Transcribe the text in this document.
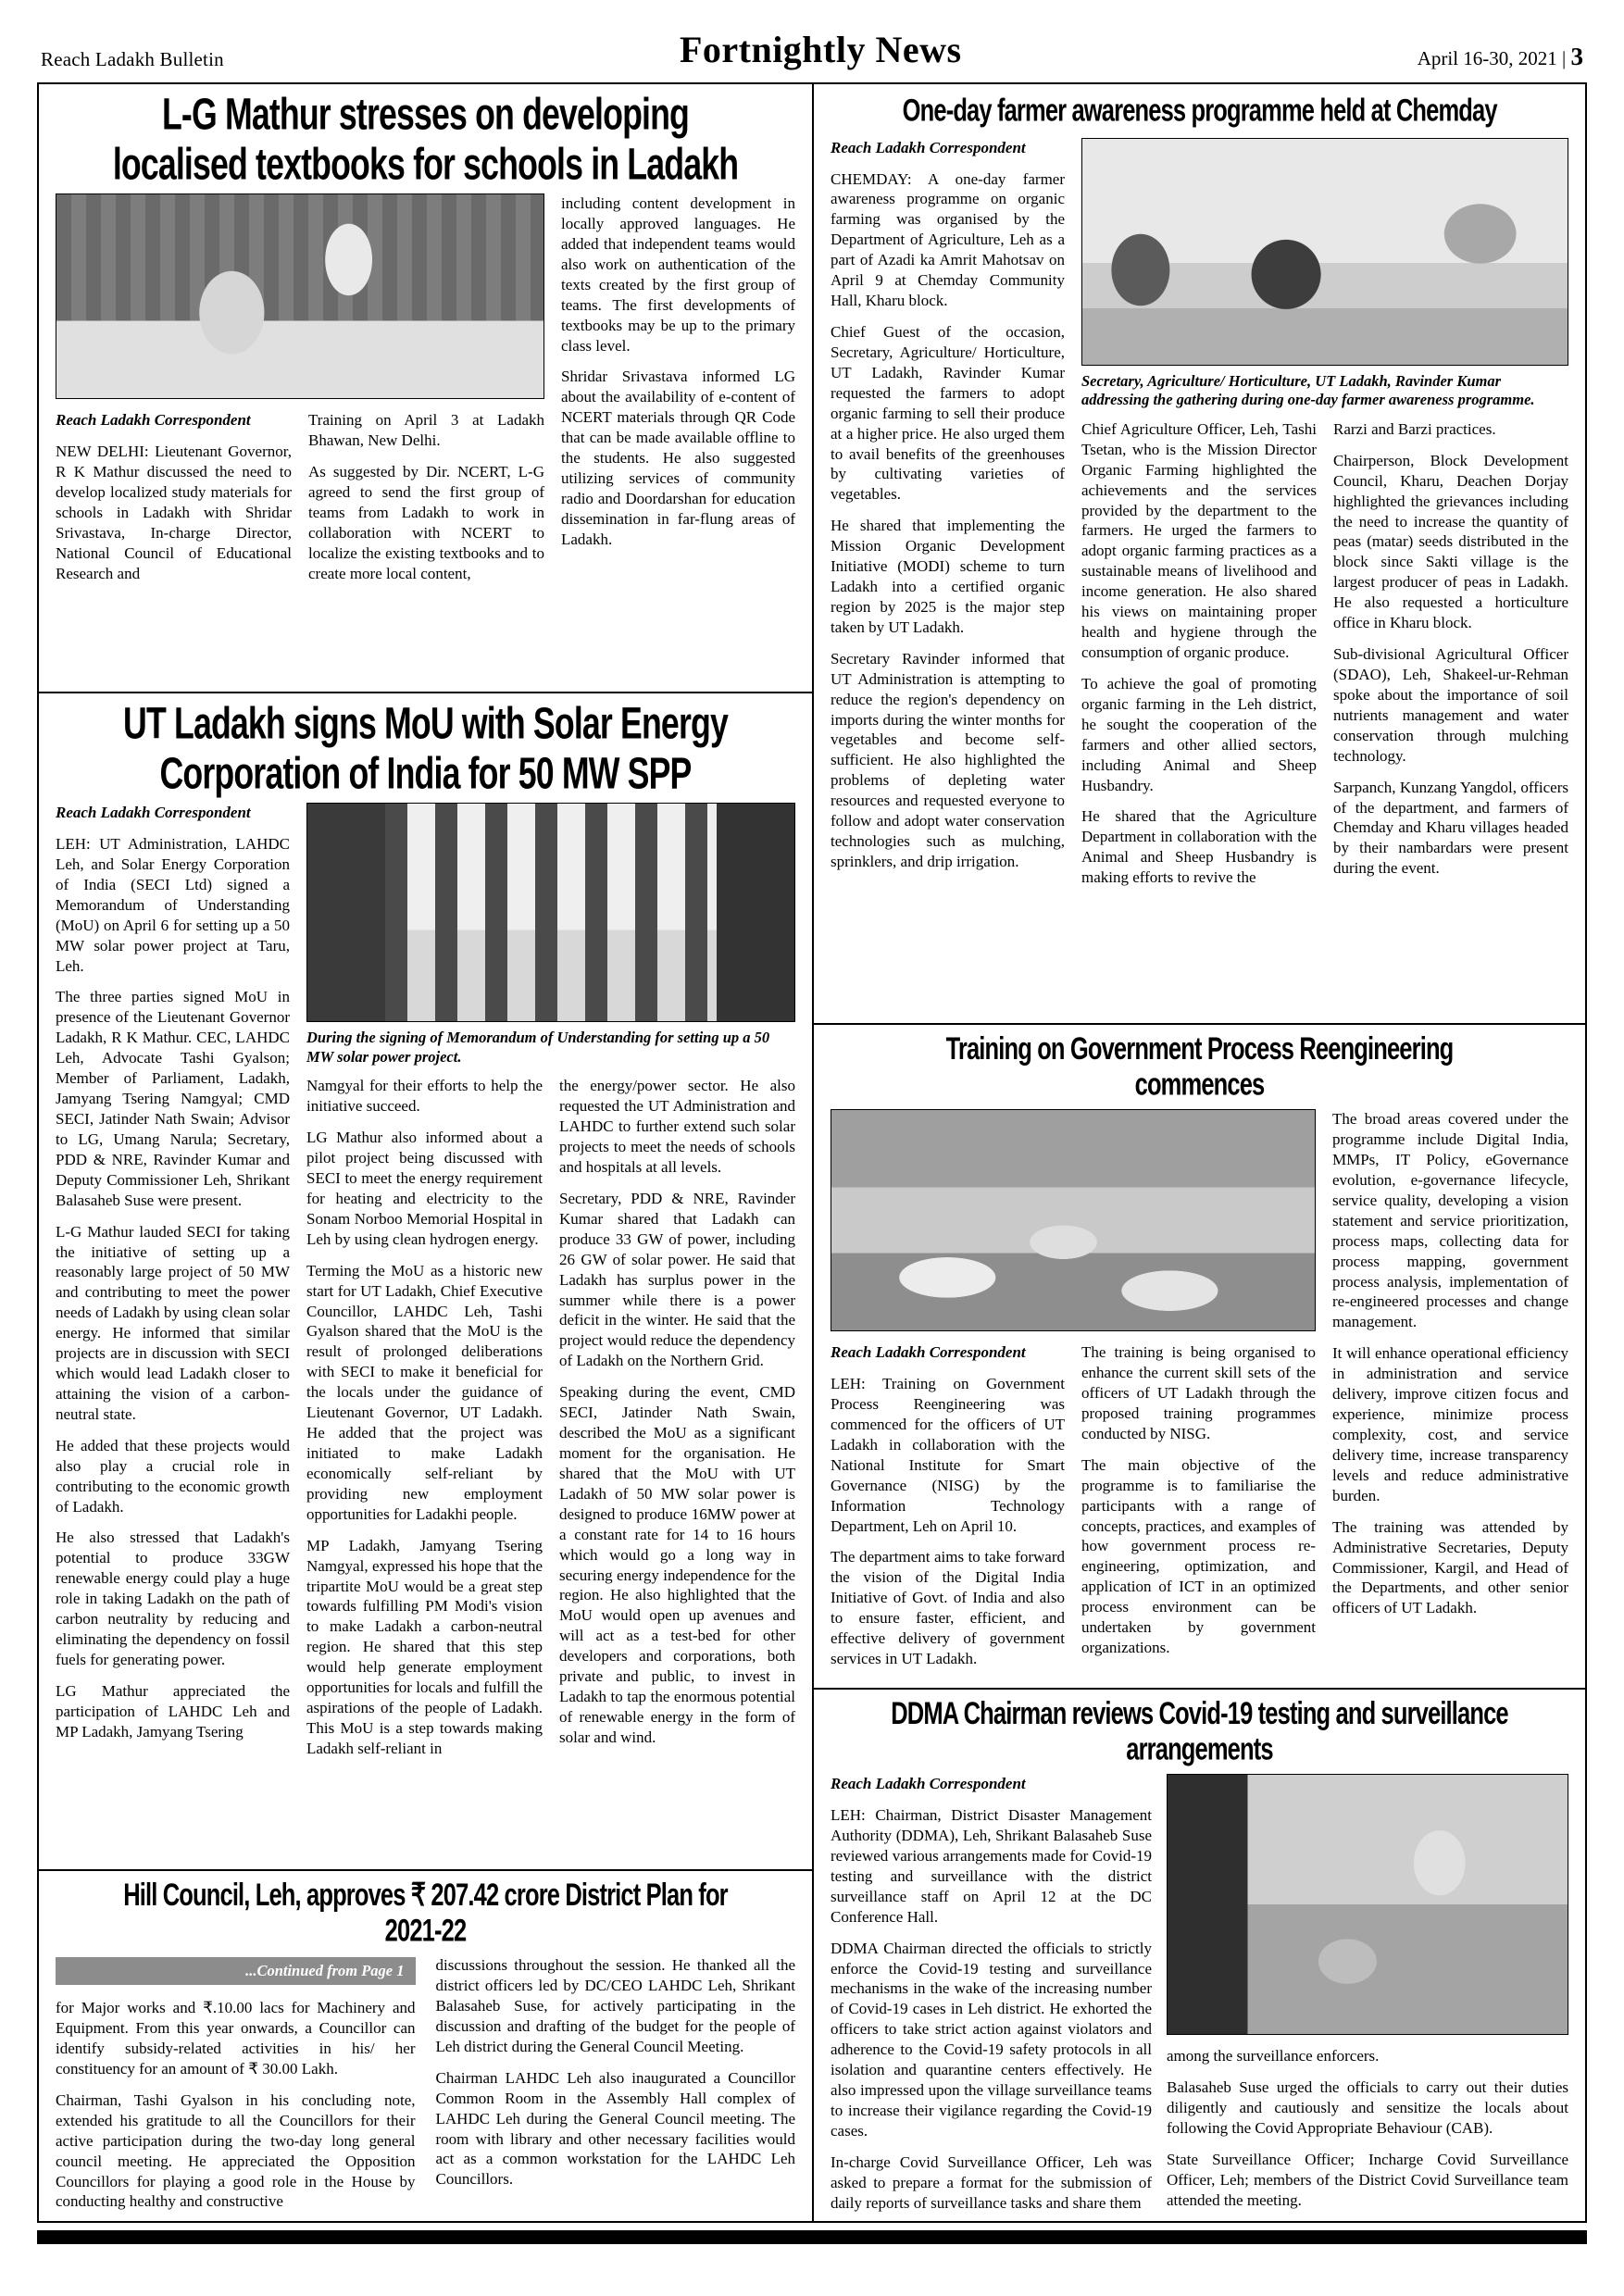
Reach Ladakh Bulletin	Fortnightly News	April 16-30, 2021 | 3
L-G Mathur stresses on developing localised textbooks for schools in Ladakh

Reach Ladakh Correspondent

NEW DELHI: Lieutenant Governor, R K Mathur discussed the need to develop localized study materials for schools in Ladakh with Shridar Srivastava, In-charge Director, National Council of Educational Research and

Training on April 3 at Ladakh Bhawan, New Delhi.

As suggested by Dir. NCERT, L-G agreed to send the first group of teams from Ladakh to work in collaboration with NCERT to localize the existing textbooks and to create more local content,

including content development in locally approved languages. He added that independent teams would also work on authentication of the texts created by the first group of teams. The first developments of textbooks may be up to the primary class level.

Shridar Srivastava informed LG about the availability of e-content of NCERT materials through QR Code that can be made available offline to the students. He also suggested utilizing services of community radio and Doordarshan for education dissemination in far-flung areas of Ladakh.

UT Ladakh signs MoU with Solar Energy Corporation of India for 50 MW SPP

Reach Ladakh Correspondent

LEH: UT Administration, LAHDC Leh, and Solar Energy Corporation of India (SECI Ltd) signed a Memorandum of Understanding (MoU) on April 6 for setting up a 50 MW solar power project at Taru, Leh.

The three parties signed MoU in presence of the Lieutenant Governor Ladakh, R K Mathur. CEC, LAHDC Leh, Advocate Tashi Gyalson; Member of Parliament, Ladakh, Jamyang Tsering Namgyal; CMD SECI, Jatinder Nath Swain; Advisor to LG, Umang Narula; Secretary, PDD & NRE, Ravinder Kumar and Deputy Commissioner Leh, Shrikant Balasaheb Suse were present.

L-G Mathur lauded SECI for taking the initiative of setting up a reasonably large project of 50 MW and contributing to meet the power needs of Ladakh by using clean solar energy. He informed that similar projects are in discussion with SECI which would lead Ladakh closer to attaining the vision of a carbon-neutral state.

He added that these projects would also play a crucial role in contributing to the economic growth of Ladakh.

He also stressed that Ladakh's potential to produce 33GW renewable energy could play a huge role in taking Ladakh on the path of carbon neutrality by reducing and eliminating the dependency on fossil fuels for generating power.

LG Mathur appreciated the participation of LAHDC Leh and MP Ladakh, Jamyang Tsering

During the signing of Memorandum of Understanding for setting up a 50 MW solar power project.

Namgyal for their efforts to help the initiative succeed.

LG Mathur also informed about a pilot project being discussed with SECI to meet the energy requirement for heating and electricity to the Sonam Norboo Memorial Hospital in Leh by using clean hydrogen energy.

Terming the MoU as a historic new start for UT Ladakh, Chief Executive Councillor, LAHDC Leh, Tashi Gyalson shared that the MoU is the result of prolonged deliberations with SECI to make it beneficial for the locals under the guidance of Lieutenant Governor, UT Ladakh. He added that the project was initiated to make Ladakh economically self-reliant by providing new employment opportunities for Ladakhi people.

MP Ladakh, Jamyang Tsering Namgyal, expressed his hope that the tripartite MoU would be a great step towards fulfilling PM Modi's vision to make Ladakh a carbon-neutral region. He shared that this step would help generate employment opportunities for locals and fulfill the aspirations of the people of Ladakh. This MoU is a step towards making Ladakh self-reliant in

the energy/power sector. He also requested the UT Administration and LAHDC to further extend such solar projects to meet the needs of schools and hospitals at all levels.

Secretary, PDD & NRE, Ravinder Kumar shared that Ladakh can produce 33 GW of power, including 26 GW of solar power. He said that Ladakh has surplus power in the summer while there is a power deficit in the winter. He said that the project would reduce the dependency of Ladakh on the Northern Grid.

Speaking during the event, CMD SECI, Jatinder Nath Swain, described the MoU as a significant moment for the organisation. He shared that the MoU with UT Ladakh of 50 MW solar power is designed to produce 16MW power at a constant rate for 14 to 16 hours which would go a long way in securing energy independence for the region. He also highlighted that the MoU would open up avenues and will act as a test-bed for other developers and corporations, both private and public, to invest in Ladakh to tap the enormous potential of renewable energy in the form of solar and wind.

Hill Council, Leh, approves ₹ 207.42 crore District Plan for 2021-22
...Continued from Page 1

for Major works and ₹.10.00 lacs for Machinery and Equipment. From this year onwards, a Councillor can identify subsidy-related activities in his/ her constituency for an amount of ₹ 30.00 Lakh.

Chairman, Tashi Gyalson in his concluding note, extended his gratitude to all the Councillors for their active participation during the two-day long general council meeting. He appreciated the Opposition Councillors for playing a good role in the House by conducting healthy and constructive

discussions throughout the session. He thanked all the district officers led by DC/CEO LAHDC Leh, Shrikant Balasaheb Suse, for actively participating in the discussion and drafting of the budget for the people of Leh district during the General Council Meeting.

Chairman LAHDC Leh also inaugurated a Councillor Common Room in the Assembly Hall complex of LAHDC Leh during the General Council meeting. The room with library and other necessary facilities would act as a common workstation for the LAHDC Leh Councillors.

One-day farmer awareness programme held at Chemday

Reach Ladakh Correspondent

CHEMDAY: A one-day farmer awareness programme on organic farming was organised by the Department of Agriculture, Leh as a part of Azadi ka Amrit Mahotsav on April 9 at Chemday Community Hall, Kharu block.

Chief Guest of the occasion, Secretary, Agriculture/ Horticulture, UT Ladakh, Ravinder Kumar requested the farmers to adopt organic farming to sell their produce at a higher price. He also urged them to avail benefits of the greenhouses by cultivating varieties of vegetables.

He shared that implementing the Mission Organic Development Initiative (MODI) scheme to turn Ladakh into a certified organic region by 2025 is the major step taken by UT Ladakh.

Secretary Ravinder informed that UT Administration is attempting to reduce the region's dependency on imports during the winter months for vegetables and become self-sufficient. He also highlighted the problems of depleting water resources and requested everyone to follow and adopt water conservation technologies such as mulching, sprinklers, and drip irrigation.

Secretary, Agriculture/ Horticulture, UT Ladakh, Ravinder Kumar addressing the gathering during one-day farmer awareness programme.

Chief Agriculture Officer, Leh, Tashi Tsetan, who is the Mission Director Organic Farming highlighted the achievements and the services provided by the department to the farmers. He urged the farmers to adopt organic farming practices as a sustainable means of livelihood and income generation. He also shared his views on maintaining proper health and hygiene through the consumption of organic produce.

To achieve the goal of promoting organic farming in the Leh district, he sought the cooperation of the farmers and other allied sectors, including Animal and Sheep Husbandry.

He shared that the Agriculture Department in collaboration with the Animal and Sheep Husbandry is making efforts to revive the

Rarzi and Barzi practices.

Chairperson, Block Development Council, Kharu, Deachen Dorjay highlighted the grievances including the need to increase the quantity of peas (matar) seeds distributed in the block since Sakti village is the largest producer of peas in Ladakh. He also requested a horticulture office in Kharu block.

Sub-divisional Agricultural Officer (SDAO), Leh, Shakeel-ur-Rehman spoke about the importance of soil nutrients management and water conservation through mulching technology.

Sarpanch, Kunzang Yangdol, officers of the department, and farmers of Chemday and Kharu villages headed by their nambardars were present during the event.

Training on Government Process Reengineering commences

Reach Ladakh Correspondent

LEH: Training on Government Process Reengineering was commenced for the officers of UT Ladakh in collaboration with the National Institute for Smart Governance (NISG) by the Information Technology Department, Leh on April 10.

The department aims to take forward the vision of the Digital India Initiative of Govt. of India and also to ensure faster, efficient, and effective delivery of government services in UT Ladakh.

The training is being organised to enhance the current skill sets of the officers of UT Ladakh through the proposed training programmes conducted by NISG.

The main objective of the programme is to familiarise the participants with a range of concepts, practices, and examples of how government process re-engineering, optimization, and application of ICT in an optimized process environment can be undertaken by government organizations.

The broad areas covered under the programme include Digital India, MMPs, IT Policy, eGovernance evolution, e-governance lifecycle, service quality, developing a vision statement and service prioritization, process maps, collecting data for process mapping, government process analysis, implementation of re-engineered processes and change management.

It will enhance operational efficiency in administration and service delivery, improve citizen focus and experience, minimize process complexity, cost, and service delivery time, increase transparency levels and reduce administrative burden.

The training was attended by Administrative Secretaries, Deputy Commissioner, Kargil, and Head of the Departments, and other senior officers of UT Ladakh.

DDMA Chairman reviews Covid-19 testing and surveillance arrangements

Reach Ladakh Correspondent

LEH: Chairman, District Disaster Management Authority (DDMA), Leh, Shrikant Balasaheb Suse reviewed various arrangements made for Covid-19 testing and surveillance with the district surveillance staff on April 12 at the DC Conference Hall.

DDMA Chairman directed the officials to strictly enforce the Covid-19 testing and surveillance mechanisms in the wake of the increasing number of Covid-19 cases in Leh district. He exhorted the officers to take strict action against violators and adherence to the Covid-19 safety protocols in all isolation and quarantine centers effectively. He also impressed upon the village surveillance teams to increase their vigilance regarding the Covid-19 cases.

In-charge Covid Surveillance Officer, Leh was asked to prepare a format for the submission of daily reports of surveillance tasks and share them

among the surveillance enforcers.

Balasaheb Suse urged the officials to carry out their duties diligently and cautiously and sensitize the locals about following the Covid Appropriate Behaviour (CAB).

State Surveillance Officer; Incharge Covid Surveillance Officer, Leh; members of the District Covid Surveillance team attended the meeting.
